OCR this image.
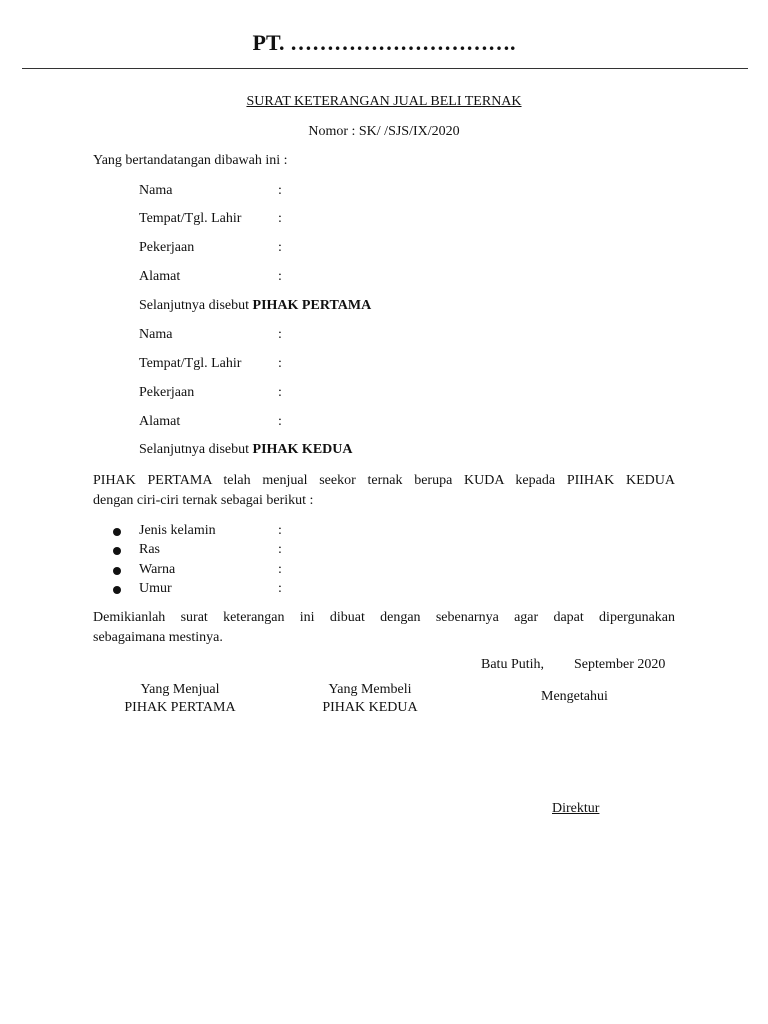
PT. ………………………….
SURAT KETERANGAN JUAL BELI TERNAK
Nomor : SK/ /SJS/IX/2020
Yang bertandatangan dibawah ini :
Nama	:
Tempat/Tgl. Lahir	:
Pekerjaan	:
Alamat	:
Selanjutnya disebut PIHAK PERTAMA
Nama	:
Tempat/Tgl. Lahir	:
Pekerjaan	:
Alamat	:
Selanjutnya disebut PIHAK KEDUA
PIHAK PERTAMA telah menjual seekor ternak berupa KUDA kepada PIIHAK KEDUA
dengan ciri-ciri ternak sebagai berikut :
Jenis kelamin	:
Ras	:
Warna	:
Umur	:
Demikianlah surat keterangan ini dibuat dengan sebenarnya agar dapat dipergunakan
sebagaimana mestinya.
Batu Putih, September 2020
Yang Menjual
PIHAK PERTAMA
Yang Membeli
PIHAK KEDUA
Mengetahui
Direktur
